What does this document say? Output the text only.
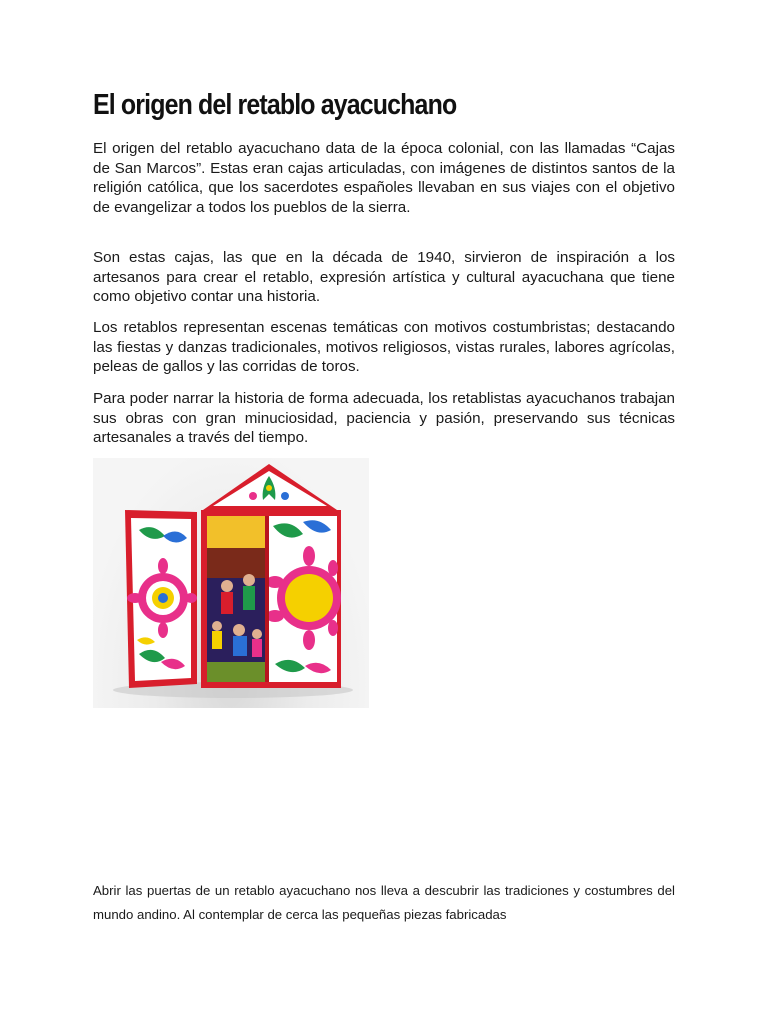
El origen del retablo ayacuchano

El origen del retablo ayacuchano data de la época colonial, con las llamadas “Cajas de San Marcos”. Estas eran cajas articuladas, con imágenes de distintos santos de la religión católica, que los sacerdotes españoles llevaban en sus viajes con el objetivo de evangelizar a todos los pueblos de la sierra.

Son estas cajas, las que en la década de 1940, sirvieron de inspiración a los artesanos para crear el retablo, expresión artística y cultural ayacuchana que tiene como objetivo contar una historia.

Los retablos representan escenas temáticas con motivos costumbristas; destacando las fiestas y danzas tradicionales, motivos religiosos, vistas rurales, labores agrícolas, peleas de gallos y las corridas de toros.

Para poder narrar la historia de forma adecuada, los retablistas ayacuchanos trabajan sus obras con gran minuciosidad, paciencia y pasión, preservando sus técnicas artesanales a través del tiempo.

Abrir las puertas de un retablo ayacuchano nos lleva a descubrir las tradiciones y costumbres del mundo andino. Al contemplar de cerca las pequeñas piezas fabricadas
